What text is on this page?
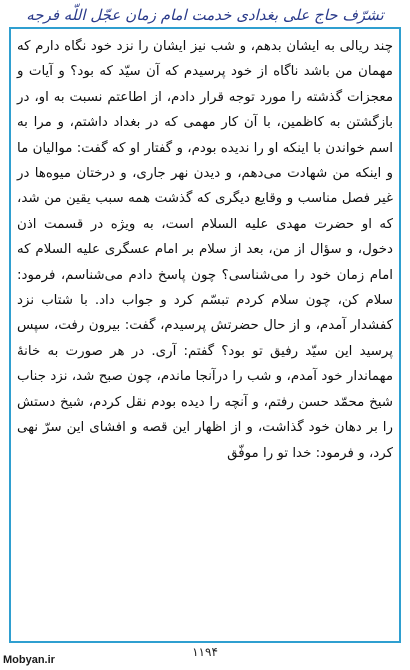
تشرّف حاج علی بغدادی خدمت امام زمان عجّل اللّه فرجه

چند ریالی به ایشان بدهم، و شب نیز ایشان را نزد خود نگاه دارم که مهمان من باشد ناگاه از خود پرسیدم که آن سیّد که بود؟ و آیات و معجزات گذشته را مورد توجه قرار دادم، از اطاعتم نسبت به او، در بازگشتن به کاظمین، با آن کار مهمی که در بغداد داشتم، و مرا به اسم خواندن با اینکه او را نديده بودم، و گفتار او که گفت: موالیان ما و اینکه من شهادت می‌دهم، و دیدن نهر جاری، و درختان میوه‌ها در غیر فصل مناسب و وقایع دیگری که گذشت همه سبب یقین من شد، که او حضرت مهدی علیه السلام است، به ویژه در قسمت اذن دخول، و سؤال از من، بعد از سلام بر امام عسگری علیه السلام که امام زمان خود را می‌شناسی؟ چون پاسخ دادم می‌شناسم، فرمود: سلام کن، چون سلام کردم تبسّم کرد و جواب داد. با شتاب نزد کفشدار آمدم، و از حال حضرتش پرسیدم، گفت: بیرون رفت، سپس پرسید این سیّد رفیق تو بود؟ گفتم: آری. در هر صورت به خانهٔ مهماندار خود آمدم، و شب را درآنجا ماندم، چون صبح شد، نزد جناب شیخ محمّد حسن رفتم، و آنچه را دیده بودم نقل کردم، شیخ دستش را بر دهان خود گذاشت، و از اظهار این قصه و افشای این سرّ نهی کرد، و فرمود: خدا تو را موفّق

۱۱۹۴
Mobyan.ir
